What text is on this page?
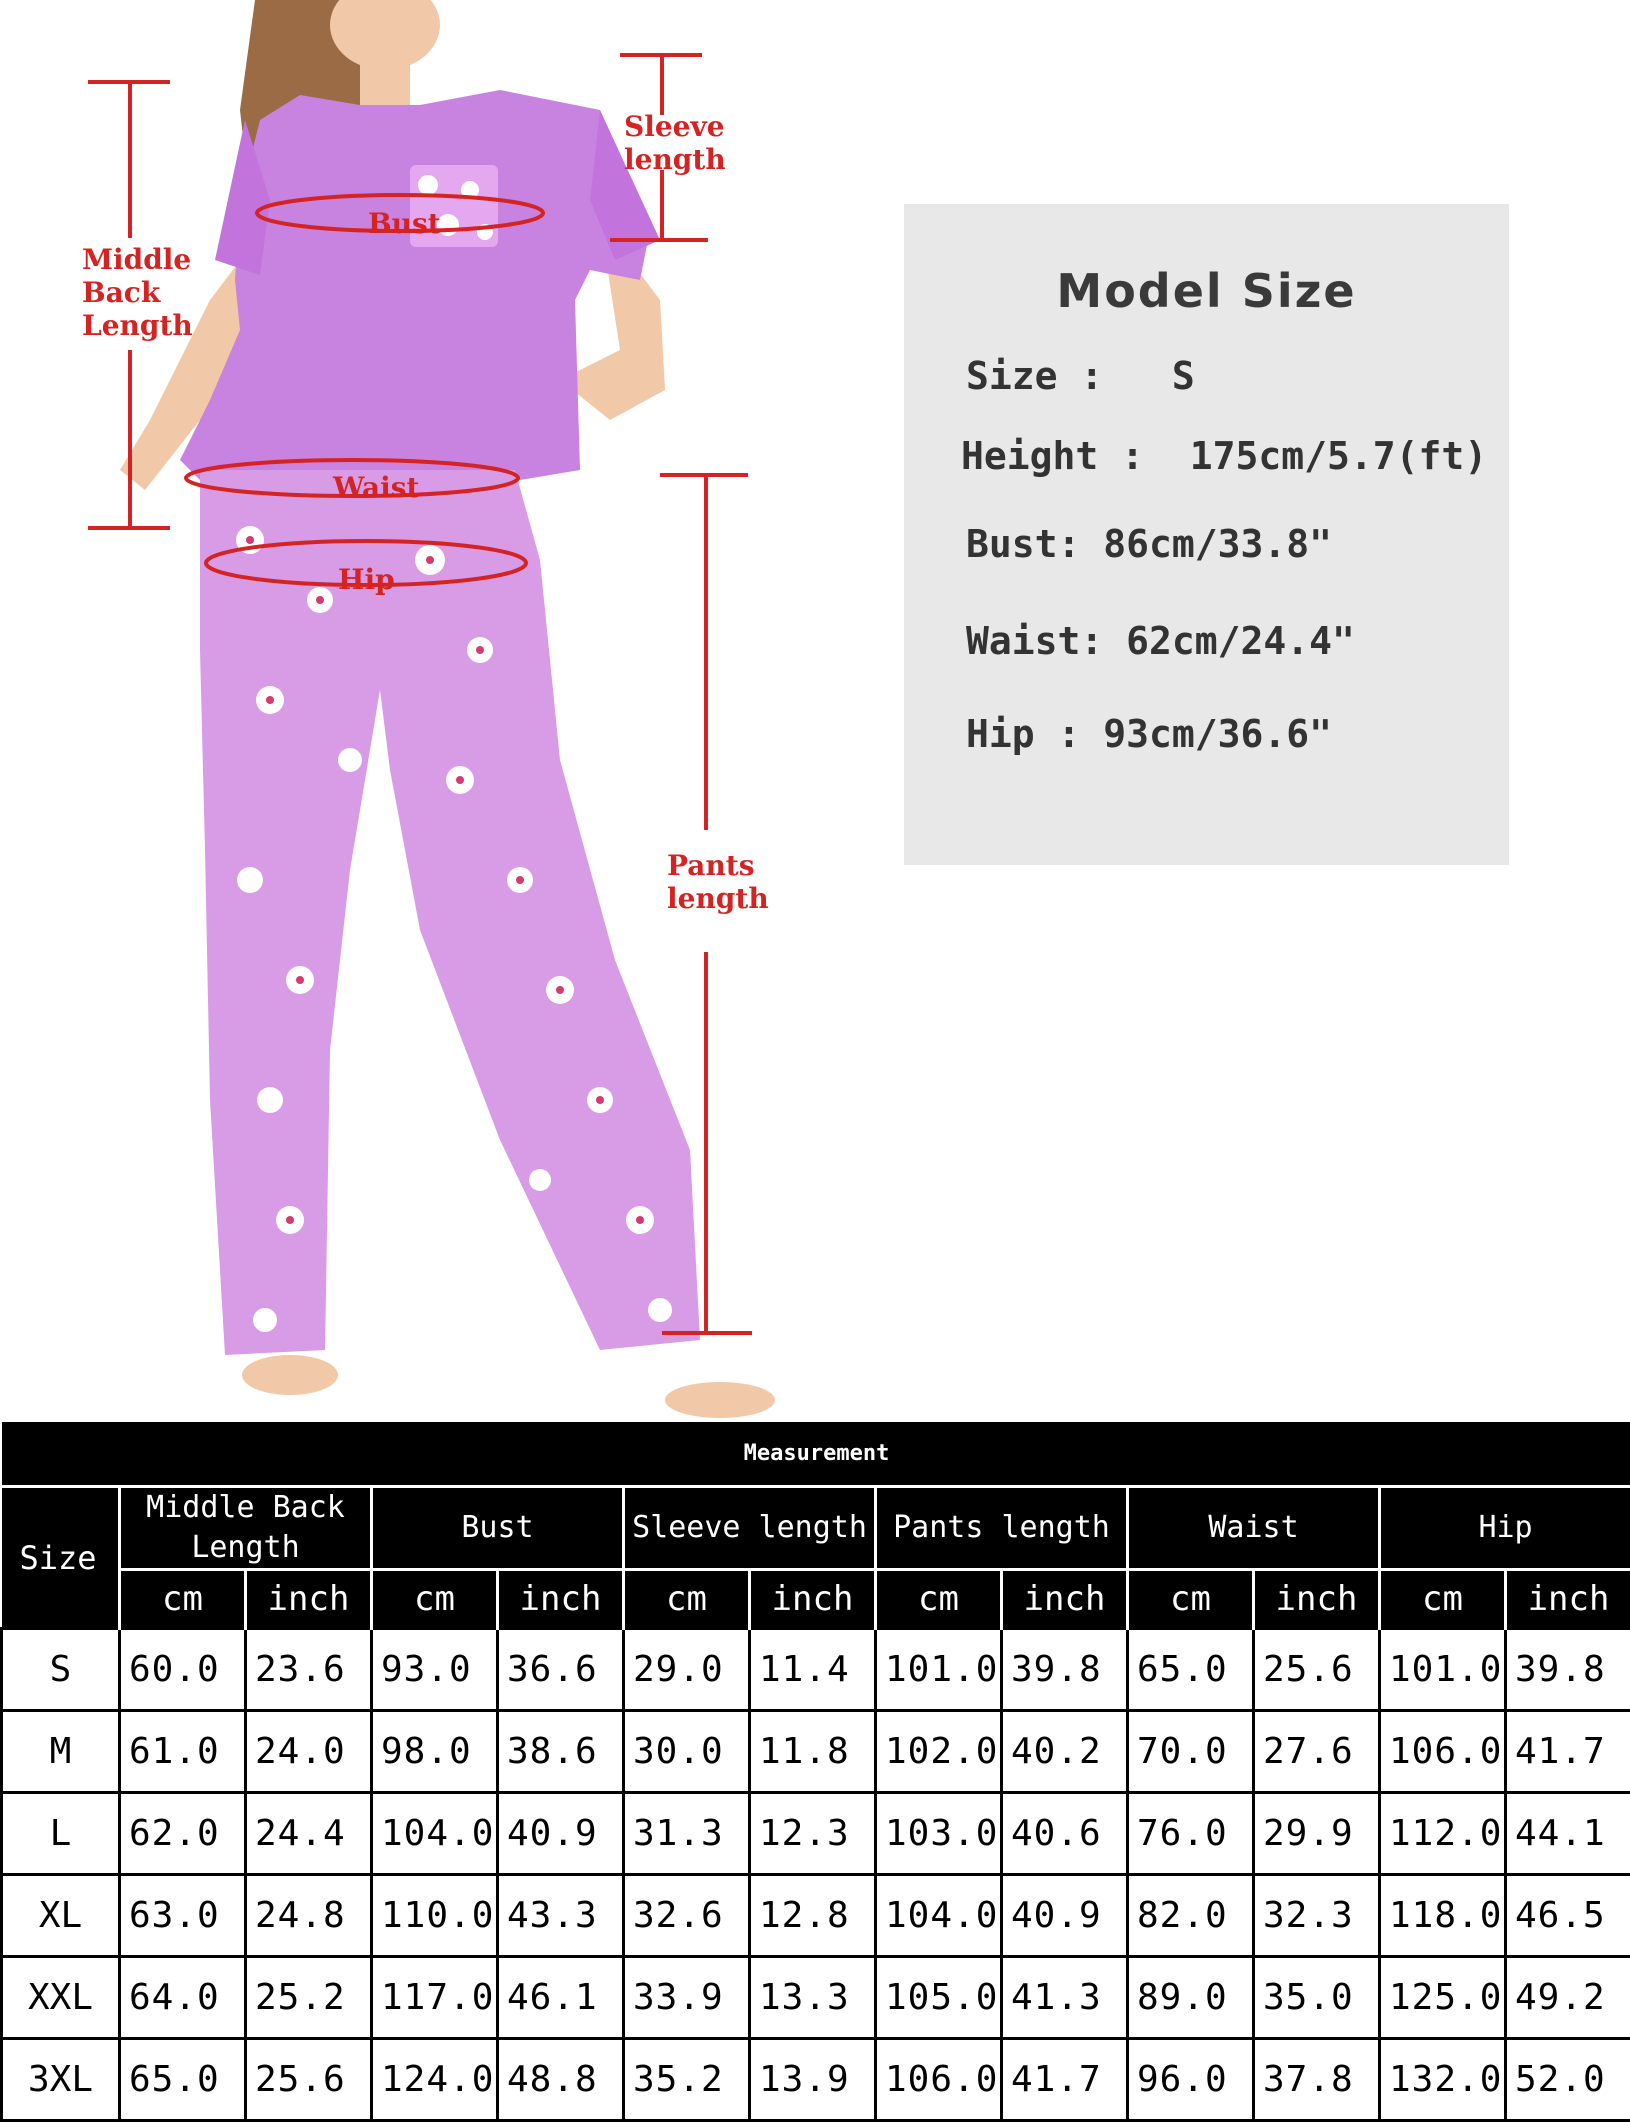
Sleeve
length
Bust
Middle
Back
Length
Waist
Hip
Pants
length
Model Size
Size :   S
Height :  175cm/5.7(ft)
Bust: 86cm/33.8"
Waist: 62cm/24.4"
Hip : 93cm/36.6"
Measurement												
Size	Middle Back Length		Bust		Sleeve length		Pants length		Waist		Hip	
	cm	inch	cm	inch	cm	inch	cm	inch	cm	inch	cm	inch
S	60.0	23.6	93.0	36.6	29.0	11.4	101.0	39.8	65.0	25.6	101.0	39.8
M	61.0	24.0	98.0	38.6	30.0	11.8	102.0	40.2	70.0	27.6	106.0	41.7
L	62.0	24.4	104.0	40.9	31.3	12.3	103.0	40.6	76.0	29.9	112.0	44.1
XL	63.0	24.8	110.0	43.3	32.6	12.8	104.0	40.9	82.0	32.3	118.0	46.5
XXL	64.0	25.2	117.0	46.1	33.9	13.3	105.0	41.3	89.0	35.0	125.0	49.2
3XL	65.0	25.6	124.0	48.8	35.2	13.9	106.0	41.7	96.0	37.8	132.0	52.0
